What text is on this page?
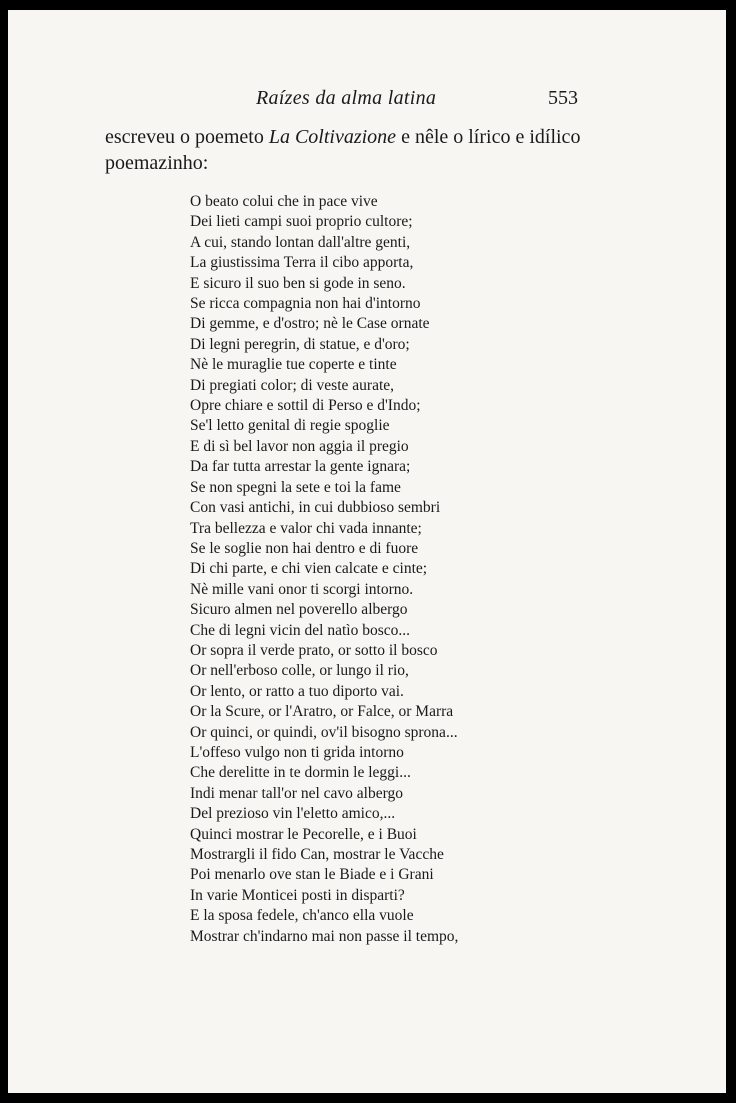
Raízes da alma latina	553
escreveu o poemeto La Coltivazione e nêle o lírico e idílico
poemazinho:
O beato colui che in pace vive
Dei lieti campi suoi proprio cultore;
A cui, stando lontan dall'altre genti,
La giustissima Terra il cibo apporta,
E sicuro il suo ben si gode in seno.
Se ricca compagnia non hai d'intorno
Di gemme, e d'ostro; nè le Case ornate
Di legni peregrin, di statue, e d'oro;
Nè le muraglie tue coperte e tinte
Di pregiati color; di veste aurate,
Opre chiare e sottil di Perso e d'Indo;
Se'l letto genital di regie spoglie
E di sì bel lavor non aggia il pregio
Da far tutta arrestar la gente ignara;
Se non spegni la sete e toi la fame
Con vasi antichi, in cui dubbioso sembri
Tra bellezza e valor chi vada innante;
Se le soglie non hai dentro e di fuore
Di chi parte, e chi vien calcate e cinte;
Nè mille vani onor ti scorgi intorno.
Sicuro almen nel poverello albergo
Che di legni vicin del natìo bosco...
Or sopra il verde prato, or sotto il bosco
Or nell'erboso colle, or lungo il rio,
Or lento, or ratto a tuo diporto vai.
Or la Scure, or l'Aratro, or Falce, or Marra
Or quinci, or quindi, ov'il bisogno sprona...
L'offeso vulgo non ti grida intorno
Che derelitte in te dormin le leggi...
Indi menar tall'or nel cavo albergo
Del prezioso vin l'eletto amico,...
Quinci mostrar le Pecorelle, e i Buoi
Mostrargli il fido Can, mostrar le Vacche
Poi menarlo ove stan le Biade e i Grani
In varie Monticei posti in disparti?
E la sposa fedele, ch'anco ella vuole
Mostrar ch'indarno mai non passe il tempo,
